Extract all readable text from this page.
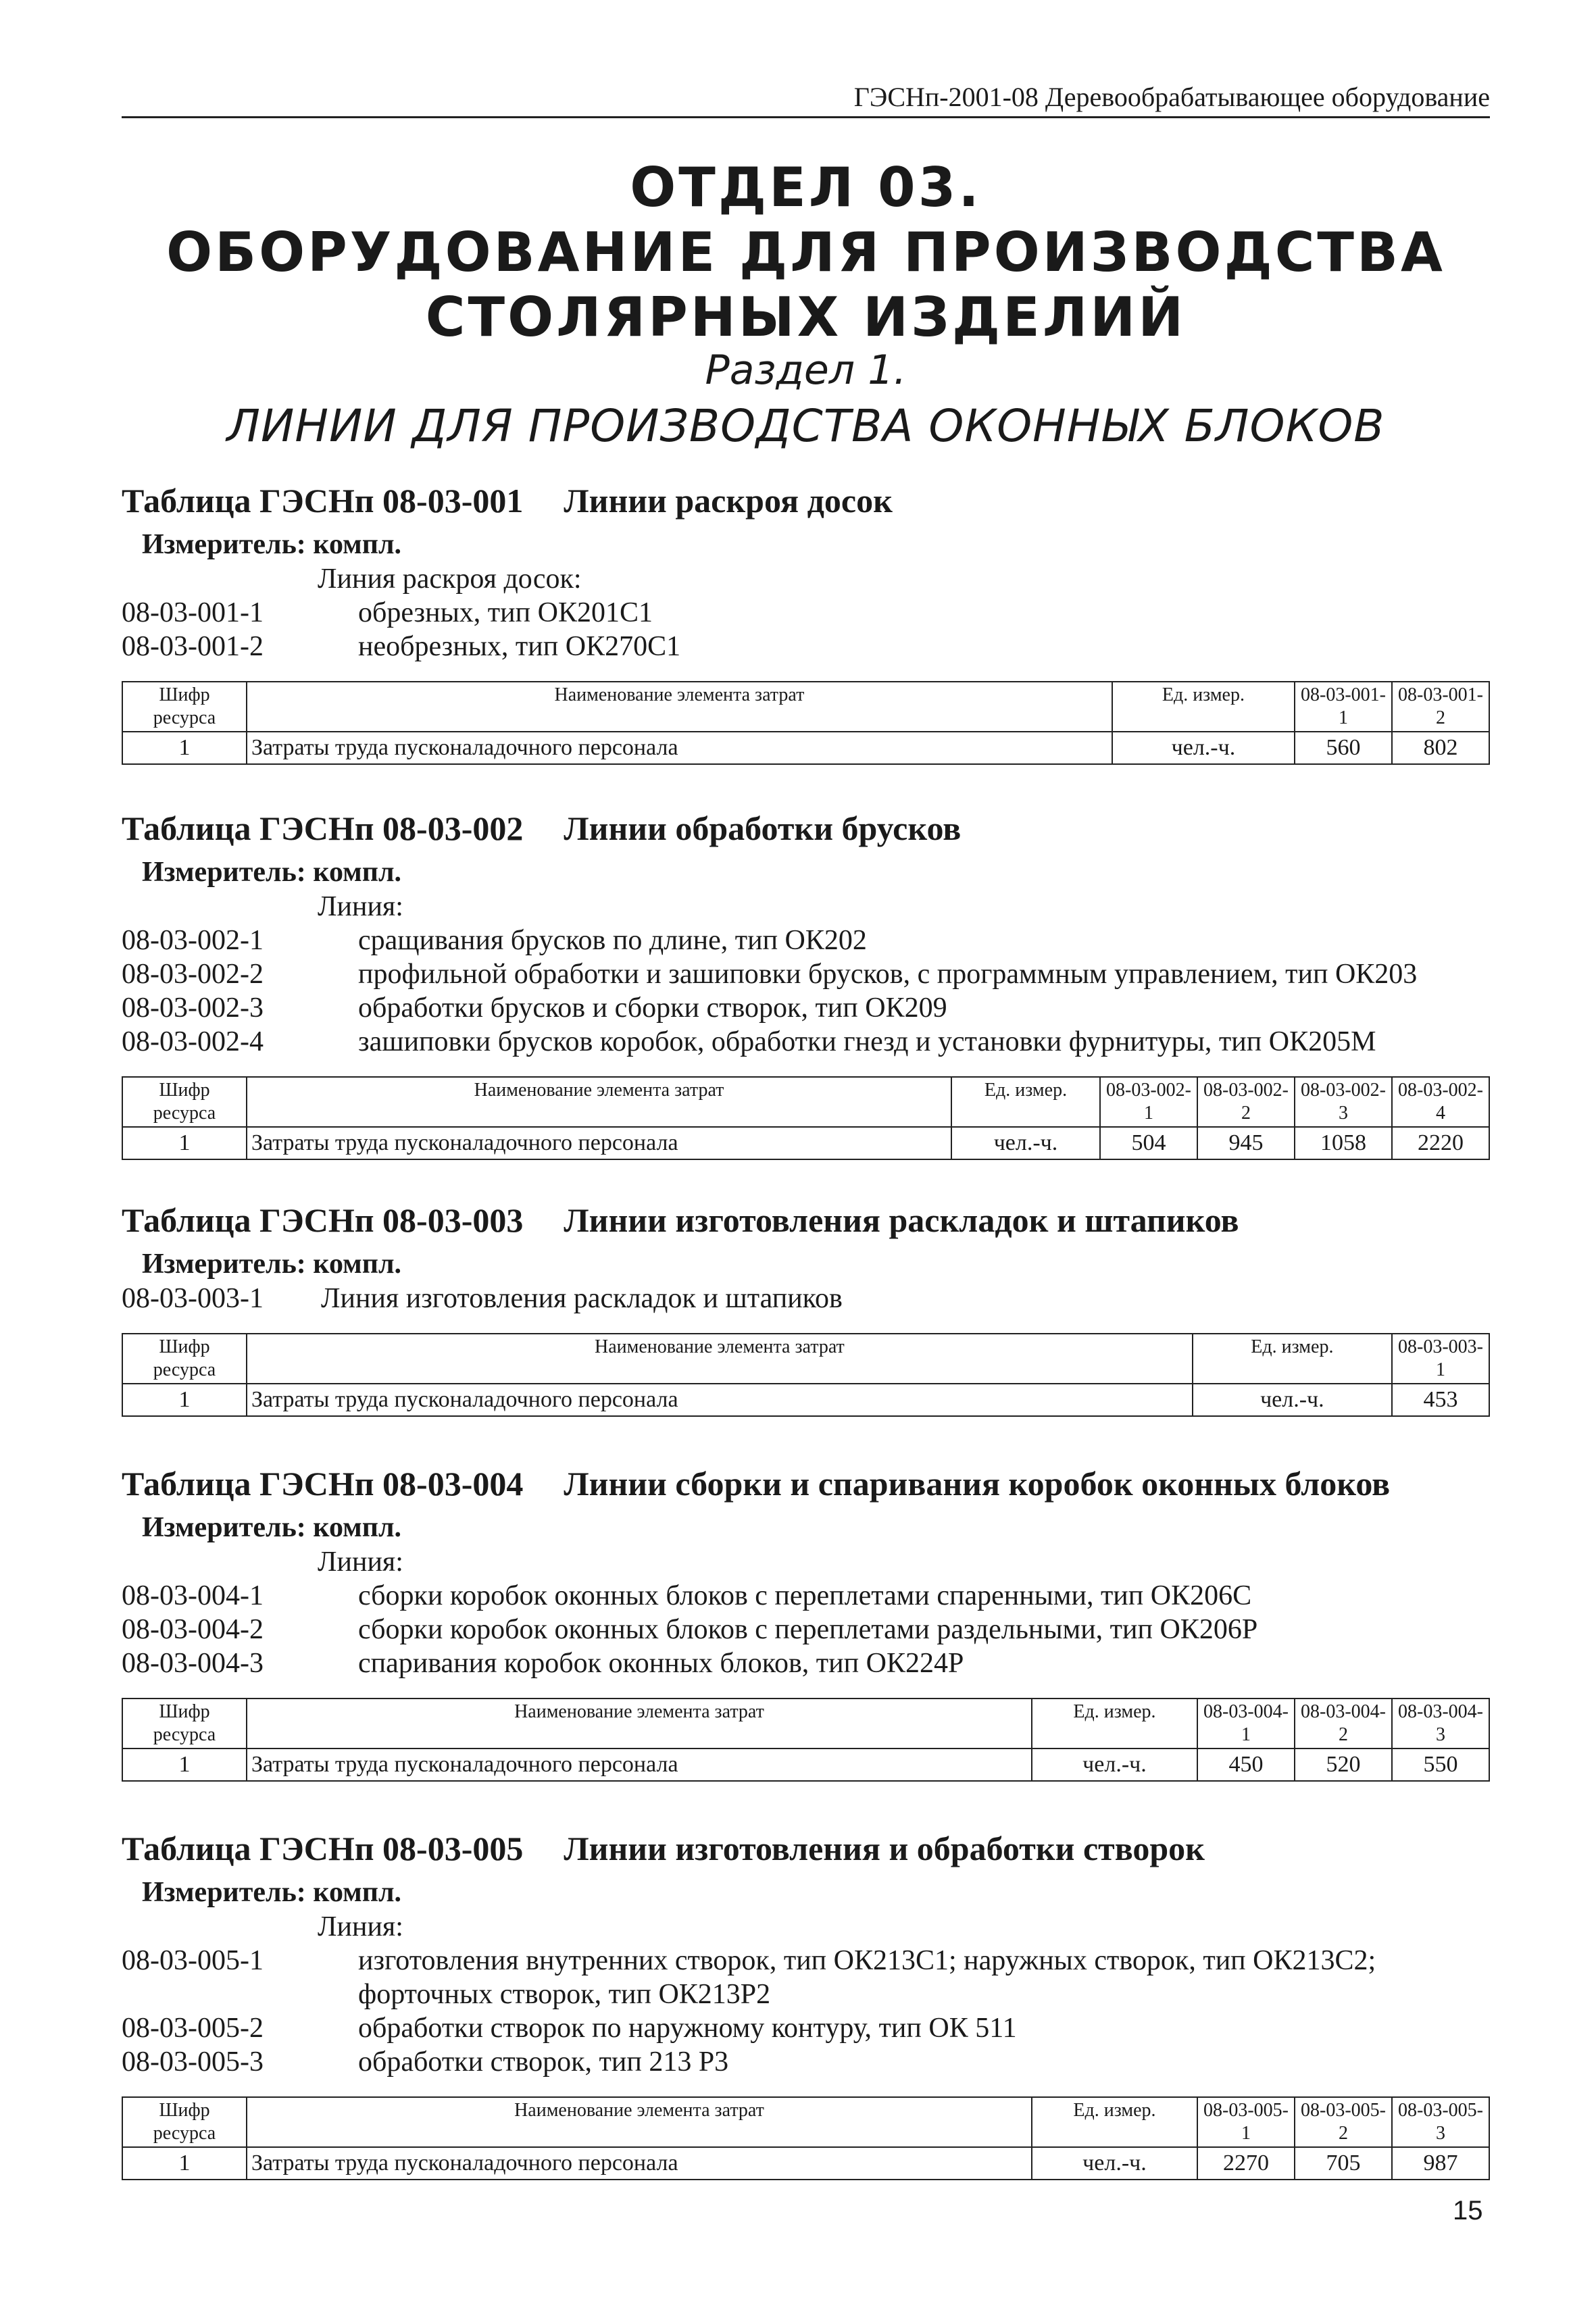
ГЭСНп-2001-08 Деревообрабатывающее оборудование
ОТДЕЛ 03.
ОБОРУДОВАНИЕ ДЛЯ ПРОИЗВОДСТВА
СТОЛЯРНЫХ ИЗДЕЛИЙ
Раздел 1.
ЛИНИИ ДЛЯ ПРОИЗВОДСТВА ОКОННЫХ БЛОКОВ
Таблица ГЭСНп 08-03-001 Линии раскроя досок
Измеритель: компл.
Линия раскроя досок:
08-03-001-1	обрезных, тип ОК201С1
08-03-001-2	необрезных, тип ОК270С1
Шифр ресурса	Наименование элемента затрат	Ед. измер.	08-03-001-1	08-03-001-2
1	Затраты труда пусконаладочного персонала	чел.-ч.	560	802
Таблица ГЭСНп 08-03-002 Линии обработки брусков
Измеритель: компл.
Линия:
08-03-002-1	сращивания брусков по длине, тип ОК202
08-03-002-2	профильной обработки и зашиповки брусков, с программным управлением, тип ОК203
08-03-002-3	обработки брусков и сборки створок, тип ОК209
08-03-002-4	зашиповки брусков коробок, обработки гнезд и установки фурнитуры, тип ОК205М
Шифр ресурса	Наименование элемента затрат	Ед. измер.	08-03-002-1	08-03-002-2	08-03-002-3	08-03-002-4
1	Затраты труда пусконаладочного персонала	чел.-ч.	504	945	1058	2220
Таблица ГЭСНп 08-03-003 Линии изготовления раскладок и штапиков
Измеритель: компл.
08-03-003-1	Линия изготовления раскладок и штапиков
Шифр ресурса	Наименование элемента затрат	Ед. измер.	08-03-003-1
1	Затраты труда пусконаладочного персонала	чел.-ч.	453
Таблица ГЭСНп 08-03-004 Линии сборки и спаривания коробок оконных блоков
Измеритель: компл.
Линия:
08-03-004-1	сборки коробок оконных блоков с переплетами спаренными, тип ОК206С
08-03-004-2	сборки коробок оконных блоков с переплетами раздельными, тип ОК206Р
08-03-004-3	спаривания коробок оконных блоков, тип ОК224Р
Шифр ресурса	Наименование элемента затрат	Ед. измер.	08-03-004-1	08-03-004-2	08-03-004-3
1	Затраты труда пусконаладочного персонала	чел.-ч.	450	520	550
Таблица ГЭСНп 08-03-005 Линии изготовления и обработки створок
Измеритель: компл.
Линия:
08-03-005-1	изготовления внутренних створок, тип ОК213С1; наружных створок, тип ОК213С2; форточных створок, тип ОК213Р2
08-03-005-2	обработки створок по наружному контуру, тип ОК 511
08-03-005-3	обработки створок, тип 213 Р3
Шифр ресурса	Наименование элемента затрат	Ед. измер.	08-03-005-1	08-03-005-2	08-03-005-3
1	Затраты труда пусконаладочного персонала	чел.-ч.	2270	705	987
15
